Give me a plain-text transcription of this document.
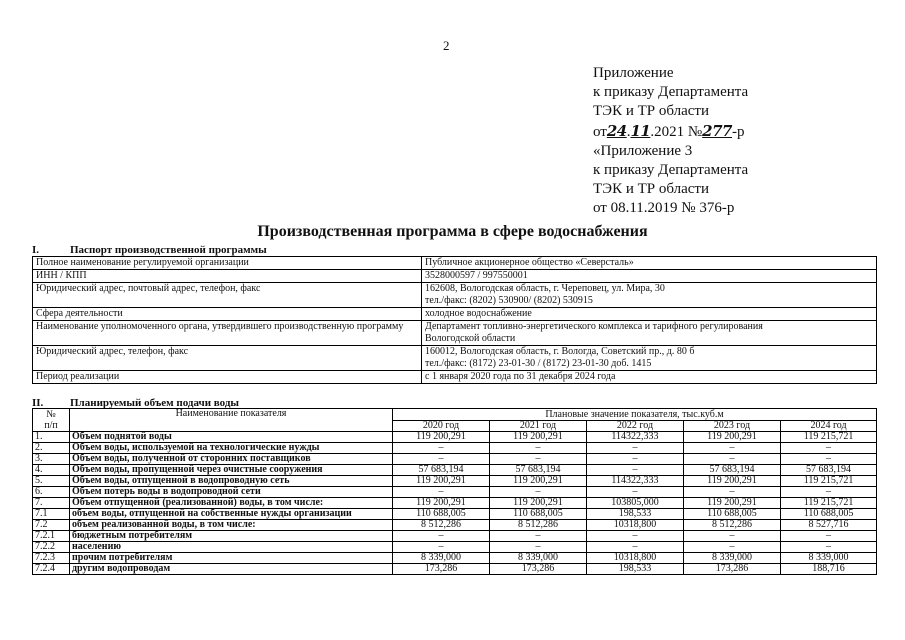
2
Приложение
к приказу Департамента
ТЭК и ТР области
от24.11.2021 №277-р
«Приложение 3
к приказу Департамента
ТЭК и ТР области
от 08.11.2019 № 376-р
Производственная программа в сфере водоснабжения
I.	Паспорт производственной программы
Полное наименование регулируемой организации	Публичное акционерное общество «Северсталь»

ИНН / КПП	3528000597 / 997550001

Юридический адрес, почтовый адрес, телефон, факс	162608, Вологодская область, г. Череповец, ул. Мира, 30
тел./факс: (8202) 530900/ (8202) 530915

Сфера деятельности	холодное водоснабжение

Наименование уполномоченного органа, утвердившего производственную программу	Департамент топливно-энергетического комплекса и тарифного регулирования
Вологодской области

Юридический адрес, телефон, факс	160012, Вологодская область, г. Вологда, Советский пр., д. 80 б
тел./факс: (8172) 23-01-30 / (8172) 23-01-30 доб. 1415

Период реализации	с 1 января 2020 года по 31 декабря 2024 года
II. Планируемый объем подачи воды
№
п/п	Наименование показателя	Плановые значение показателя, тыс.куб.м				
		2020 год	2021 год	2022 год	2023 год	2024 год
1.	Объем поднятой воды	119 200,291	119 200,291	114322,333	119 200,291	119 215,721
2.	Объем воды, используемой на технологические нужды	–	–	–	–	–
3.	Объем воды, полученной от сторонних поставщиков	–	–	–	–	–
4.	Объем воды, пропущенной через очистные сооружения	57 683,194	57 683,194	–	57 683,194	57 683,194
5.	Объем воды, отпущенной в водопроводную сеть	119 200,291	119 200,291	114322,333	119 200,291	119 215,721
6.	Объем потерь воды в водопроводной сети	–	–	–	–	–
7.	Объем отпущенной (реализованной) воды, в том числе:	119 200,291	119 200,291	103805,000	119 200,291	119 215,721
7.1	объем воды, отпущенной на собственные нужды организации	110 688,005	110 688,005	198,533	110 688,005	110 688,005
7.2	объем реализованной воды, в том числе:	8 512,286	8 512,286	10318,800	8 512,286	8 527,716
7.2.1	бюджетным потребителям	–	–	–	–	–
7.2.2	населению	–	–	–	–	–
7.2.3	прочим потребителям	8 339,000	8 339,000	10318,800	8 339,000	8 339,000
7.2.4	другим водопроводам	173,286	173,286	198,533	173,286	188,716
